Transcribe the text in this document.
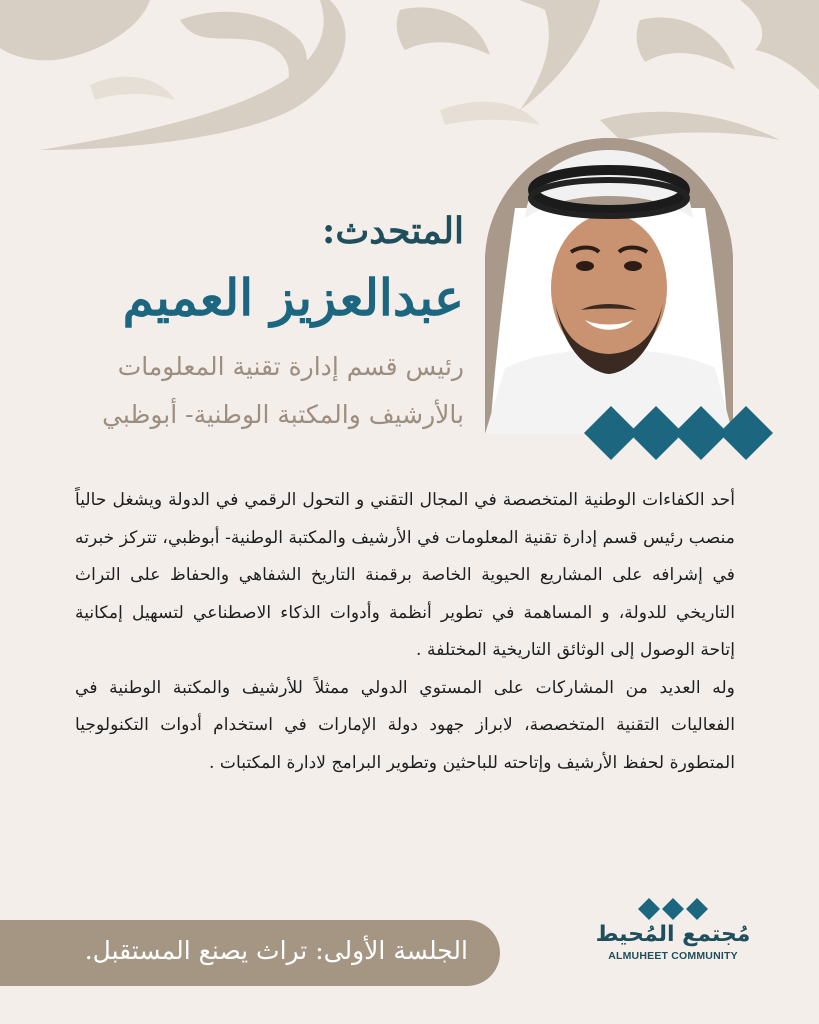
المتحدث:
عبدالعزيز العميم

رئيس قسم إدارة تقنية المعلومات

بالأرشيف والمكتبة الوطنية- أبوظبي

أحد الكفاءات الوطنية المتخصصة في المجال التقني و التحول الرقمي في الدولة ويشغل حالياً منصب رئيس قسم إدارة تقنية المعلومات في الأرشيف والمكتبة الوطنية- أبوظبي، تتركز خبرته في إشرافه على المشاريع الحيوية الخاصة برقمنة التاريخ الشفاهي والحفاظ على التراث التاريخي للدولة، و المساهمة في تطوير أنظمة وأدوات الذكاء الاصطناعي لتسهيل إمكانية إتاحة الوصول إلى الوثائق التاريخية المختلفة .

وله العديد من المشاركات على المستوي الدولي ممثلاً للأرشيف والمكتبة الوطنية في الفعاليات التقنية المتخصصة، لابراز جهود دولة الإمارات في استخدام أدوات التكنولوجيا المتطورة لحفظ الأرشيف وإتاحته للباحثين وتطوير البرامج لادارة المكتبات .

الجلسة الأولى: تراث يصنع المستقبل.

مُجتمع المُحيط
ALMUHEET COMMUNITY
